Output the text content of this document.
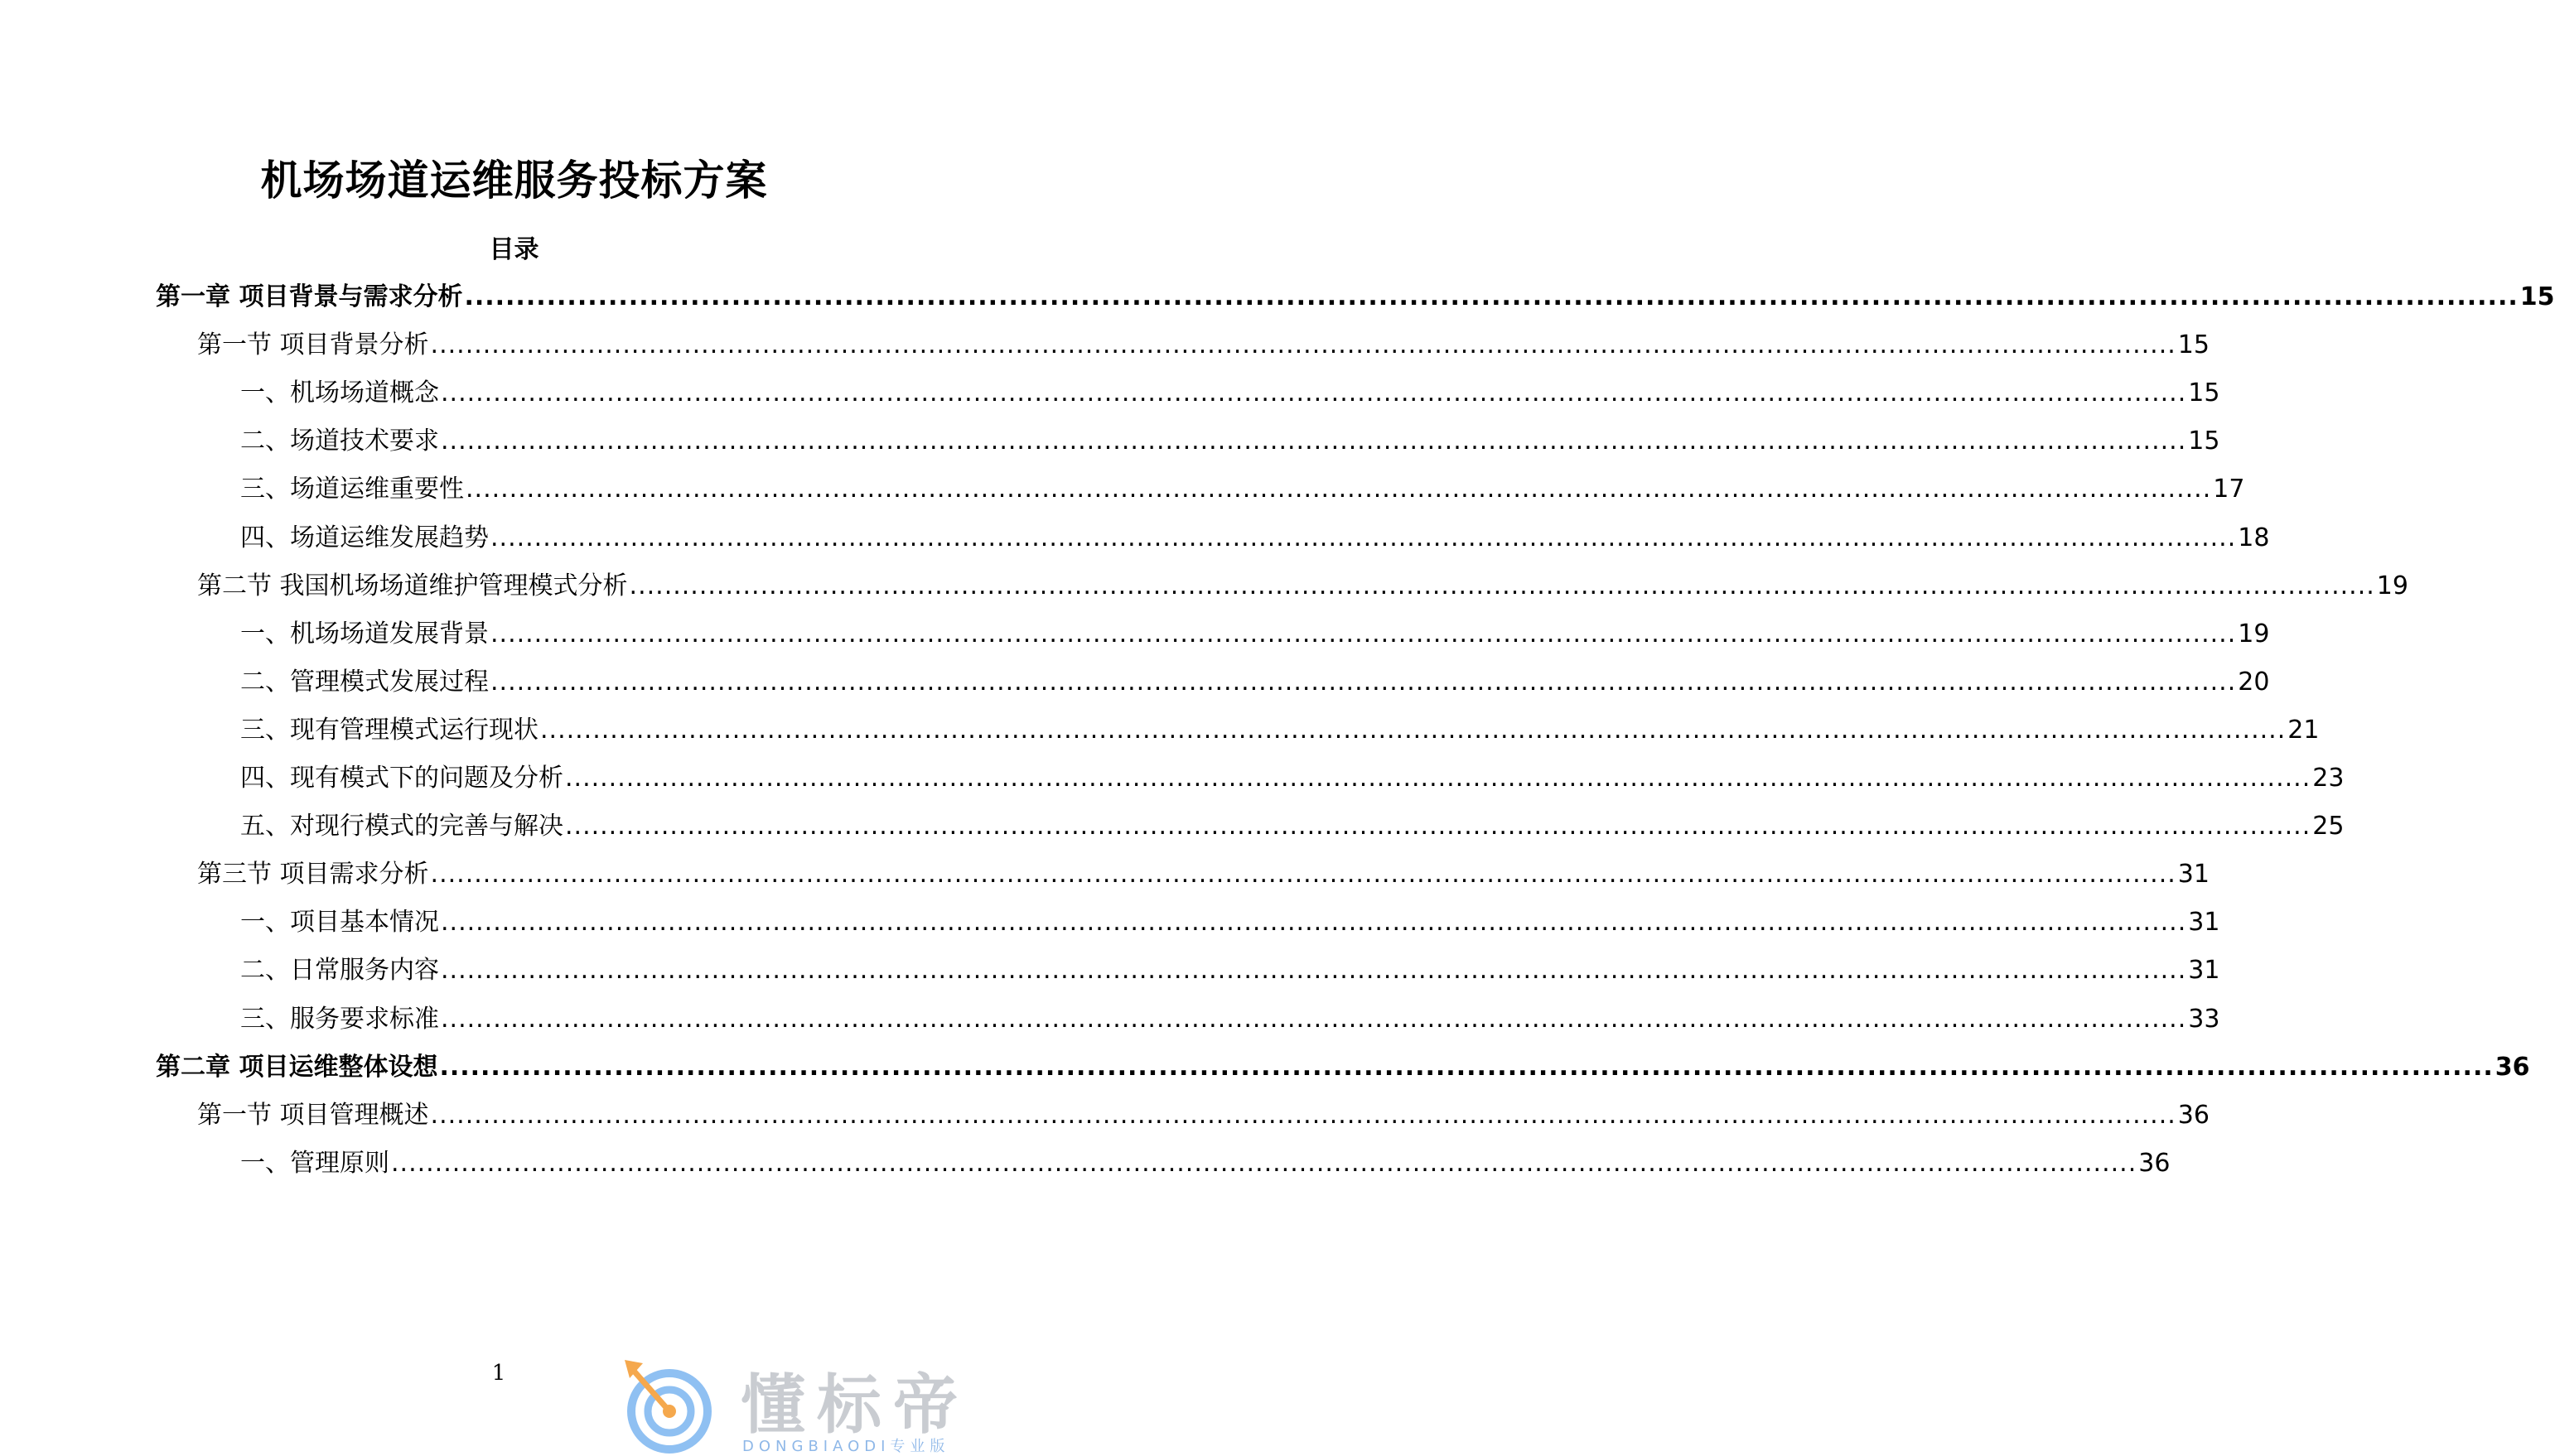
机场场道运维服务投标方案
目录
第一章 项目背景与需求分析 ........................................................................................................................................................................................................ 15
第一节 项目背景分析 ........................................................................................................................................................................................................ 15
一、机场场道概念 ........................................................................................................................................................................................................ 15
二、场道技术要求 ........................................................................................................................................................................................................ 15
三、场道运维重要性 ........................................................................................................................................................................................................ 17
四、场道运维发展趋势 ........................................................................................................................................................................................................ 18
第二节 我国机场场道维护管理模式分析 ........................................................................................................................................................................................................ 19
一、机场场道发展背景 ........................................................................................................................................................................................................ 19
二、管理模式发展过程 ........................................................................................................................................................................................................ 20
三、现有管理模式运行现状 ........................................................................................................................................................................................................ 21
四、现有模式下的问题及分析 ........................................................................................................................................................................................................ 23
五、对现行模式的完善与解决 ........................................................................................................................................................................................................ 25
第三节 项目需求分析 ........................................................................................................................................................................................................ 31
一、项目基本情况 ........................................................................................................................................................................................................ 31
二、日常服务内容 ........................................................................................................................................................................................................ 31
三、服务要求标准 ........................................................................................................................................................................................................ 33
第二章 项目运维整体设想 ........................................................................................................................................................................................................ 36
第一节 项目管理概述 ........................................................................................................................................................................................................ 36
一、管理原则 ........................................................................................................................................................................................................ 36
1	懂标帝
DONGBIAODI专业版
